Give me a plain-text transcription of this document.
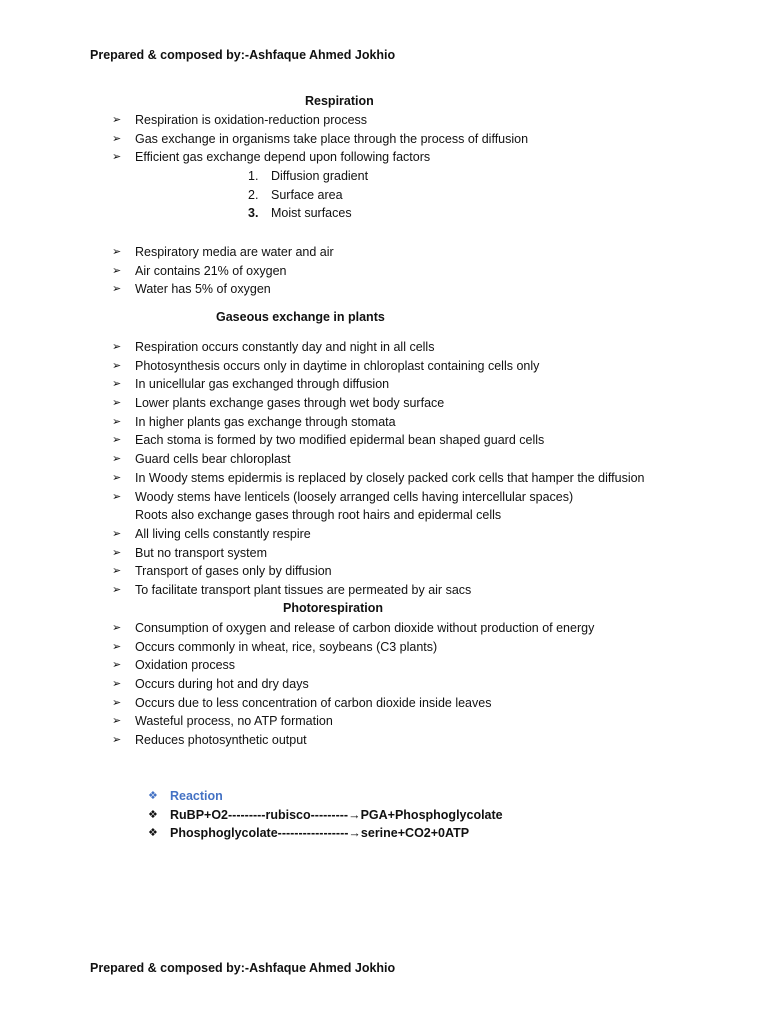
Prepared & composed by:-Ashfaque Ahmed Jokhio
Respiration
➢ Respiration is oxidation-reduction process
➢ Gas exchange in organisms take place through the process of diffusion
➢ Efficient gas exchange depend upon following factors
1. Diffusion gradient
2. Surface area
3. Moist surfaces
➢ Respiratory media are water and air
➢ Air contains 21% of oxygen
➢ Water has 5% of oxygen
Gaseous exchange in plants
➢ Respiration occurs constantly day and night in all cells
➢ Photosynthesis occurs only in daytime in chloroplast containing cells only
➢ In unicellular gas exchanged through diffusion
➢ Lower plants exchange gases through wet body surface
➢ In higher plants gas exchange through stomata
➢ Each stoma is formed by two modified epidermal bean shaped guard cells
➢ Guard cells bear chloroplast
➢ In Woody stems epidermis is replaced by closely packed cork cells that hamper the diffusion
➢ Woody stems have lenticels (loosely arranged cells having intercellular spaces)
Roots also exchange gases through root hairs and epidermal cells
➢ All living cells constantly respire
➢ But no transport system
➢ Transport of gases only by diffusion
➢ To facilitate transport plant tissues are permeated by air sacs
Photorespiration
➢ Consumption of oxygen and release of carbon dioxide without production of energy
➢ Occurs commonly in wheat, rice, soybeans (C3 plants)
➢ Oxidation process
➢ Occurs during hot and dry days
➢ Occurs due to less concentration of carbon dioxide inside leaves
➢ Wasteful process, no ATP formation
➢ Reduces photosynthetic output
❖ Reaction
❖ RuBP+O2---------rubisco---------→PGA+Phosphoglycolate
❖ Phosphoglycolate-----------------→serine+CO2+0ATP
Prepared & composed by:-Ashfaque Ahmed Jokhio
